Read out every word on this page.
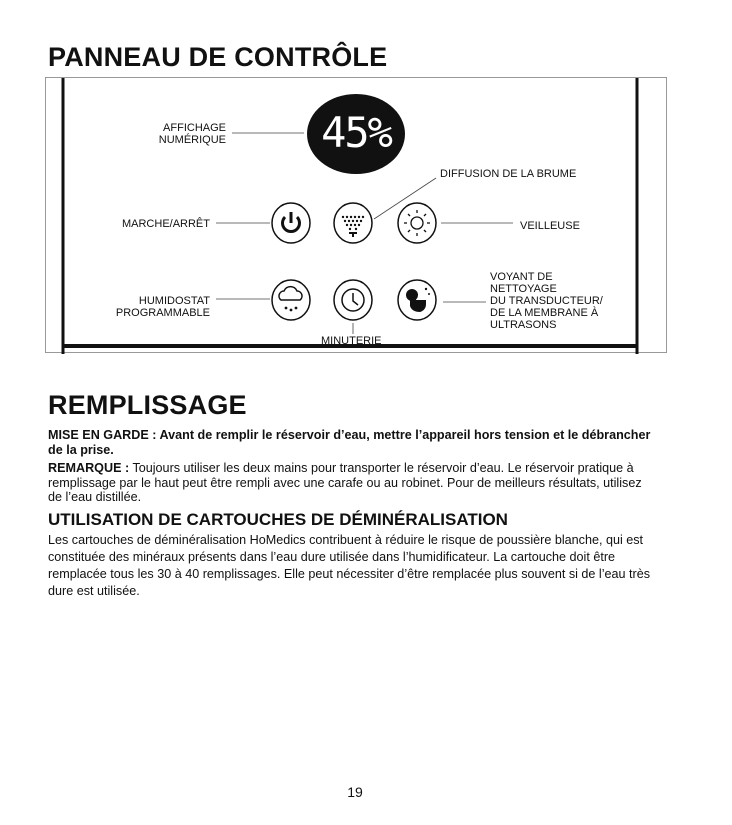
PANNEAU DE CONTRÔLE
45%
AFFICHAGE
NUMÉRIQUE
DIFFUSION DE LA BRUME
MARCHE/ARRÊT	VEILLEUSE
HUMIDOSTAT
PROGRAMMABLE
MINUTERIE
VOYANT DE
NETTOYAGE
DU TRANSDUCTEUR/
DE LA MEMBRANE À
ULTRASONS
REMPLISSAGE

MISE EN GARDE : Avant de remplir le réservoir d’eau, mettre l’appareil hors tension et le débrancher de la prise.

REMARQUE : Toujours utiliser les deux mains pour transporter le réservoir d’eau. Le réservoir pratique à remplissage par le haut peut être rempli avec une carafe ou au robinet. Pour de meilleurs résultats, utilisez de l’eau distillée.

UTILISATION DE CARTOUCHES DE DÉMINÉRALISATION

Les cartouches de déminéralisation HoMedics contribuent à réduire le risque de poussière blanche, qui est constituée des minéraux présents dans l’eau dure utilisée dans l’humidificateur. La cartouche doit être remplacée tous les 30 à 40 remplissages. Elle peut nécessiter d’être remplacée plus souvent si de l’eau très dure est utilisée.

19
